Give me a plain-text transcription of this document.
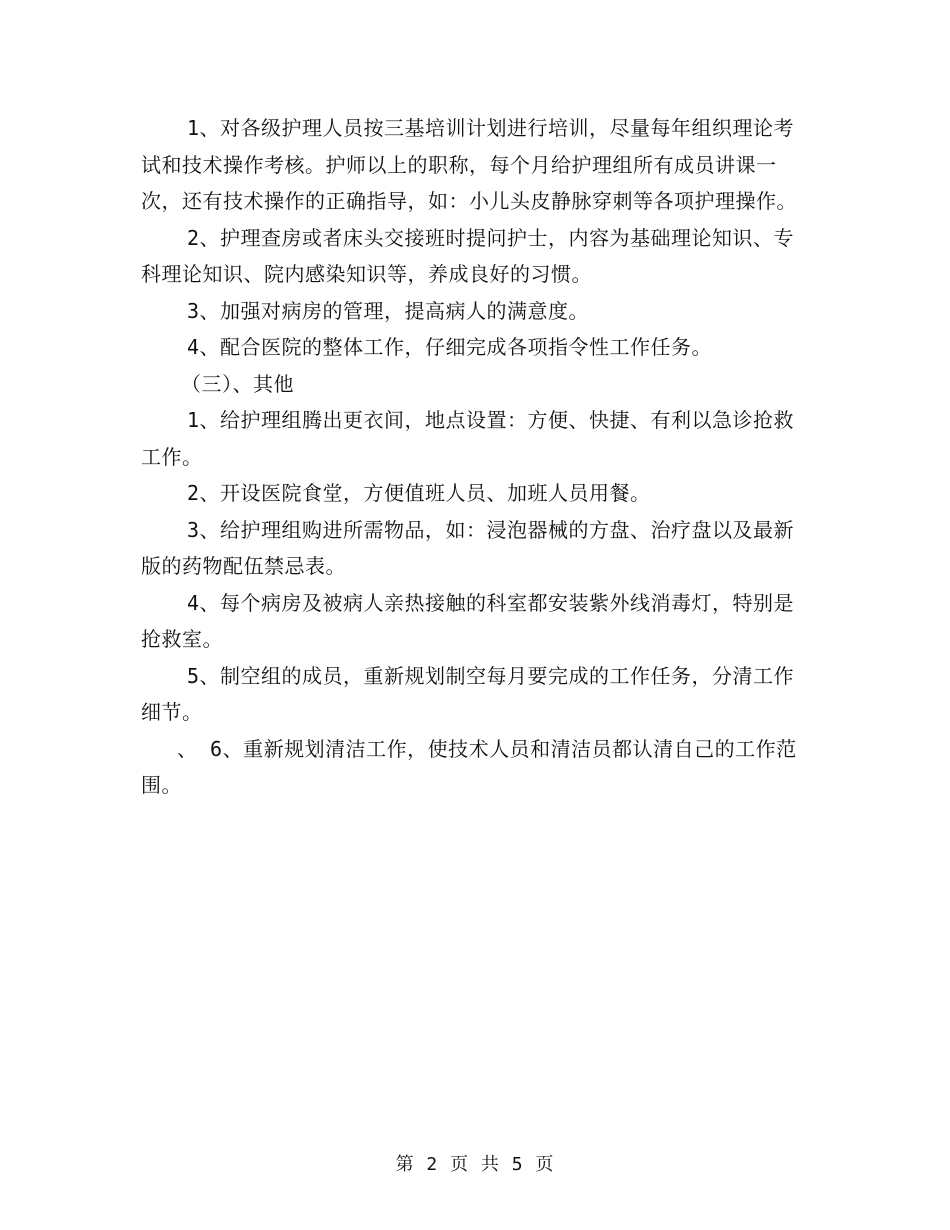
1、对各级护理人员按三基培训计划进行培训，尽量每年组织理论考试和技术操作考核。护师以上的职称，每个月给护理组所有成员讲课一次，还有技术操作的正确指导，如：小儿头皮静脉穿刺等各项护理操作。

2、护理查房或者床头交接班时提问护士，内容为基础理论知识、专科理论知识、院内感染知识等，养成良好的习惯。

3、加强对病房的管理，提高病人的满意度。

4、配合医院的整体工作，仔细完成各项指令性工作任务。

（三）、其他

1、给护理组腾出更衣间，地点设置：方便、快捷、有利以急诊抢救工作。

2、开设医院食堂，方便值班人员、加班人员用餐。

3、给护理组购进所需物品，如：浸泡器械的方盘、治疗盘以及最新版的药物配伍禁忌表。

4、每个病房及被病人亲热接触的科室都安装紫外线消毒灯，特别是抢救室。

5、制空组的成员，重新规划制空每月要完成的工作任务，分清工作细节。

、 6、重新规划清洁工作，使技术人员和清洁员都认清自己的工作范围。

第 2 页 共 5 页
